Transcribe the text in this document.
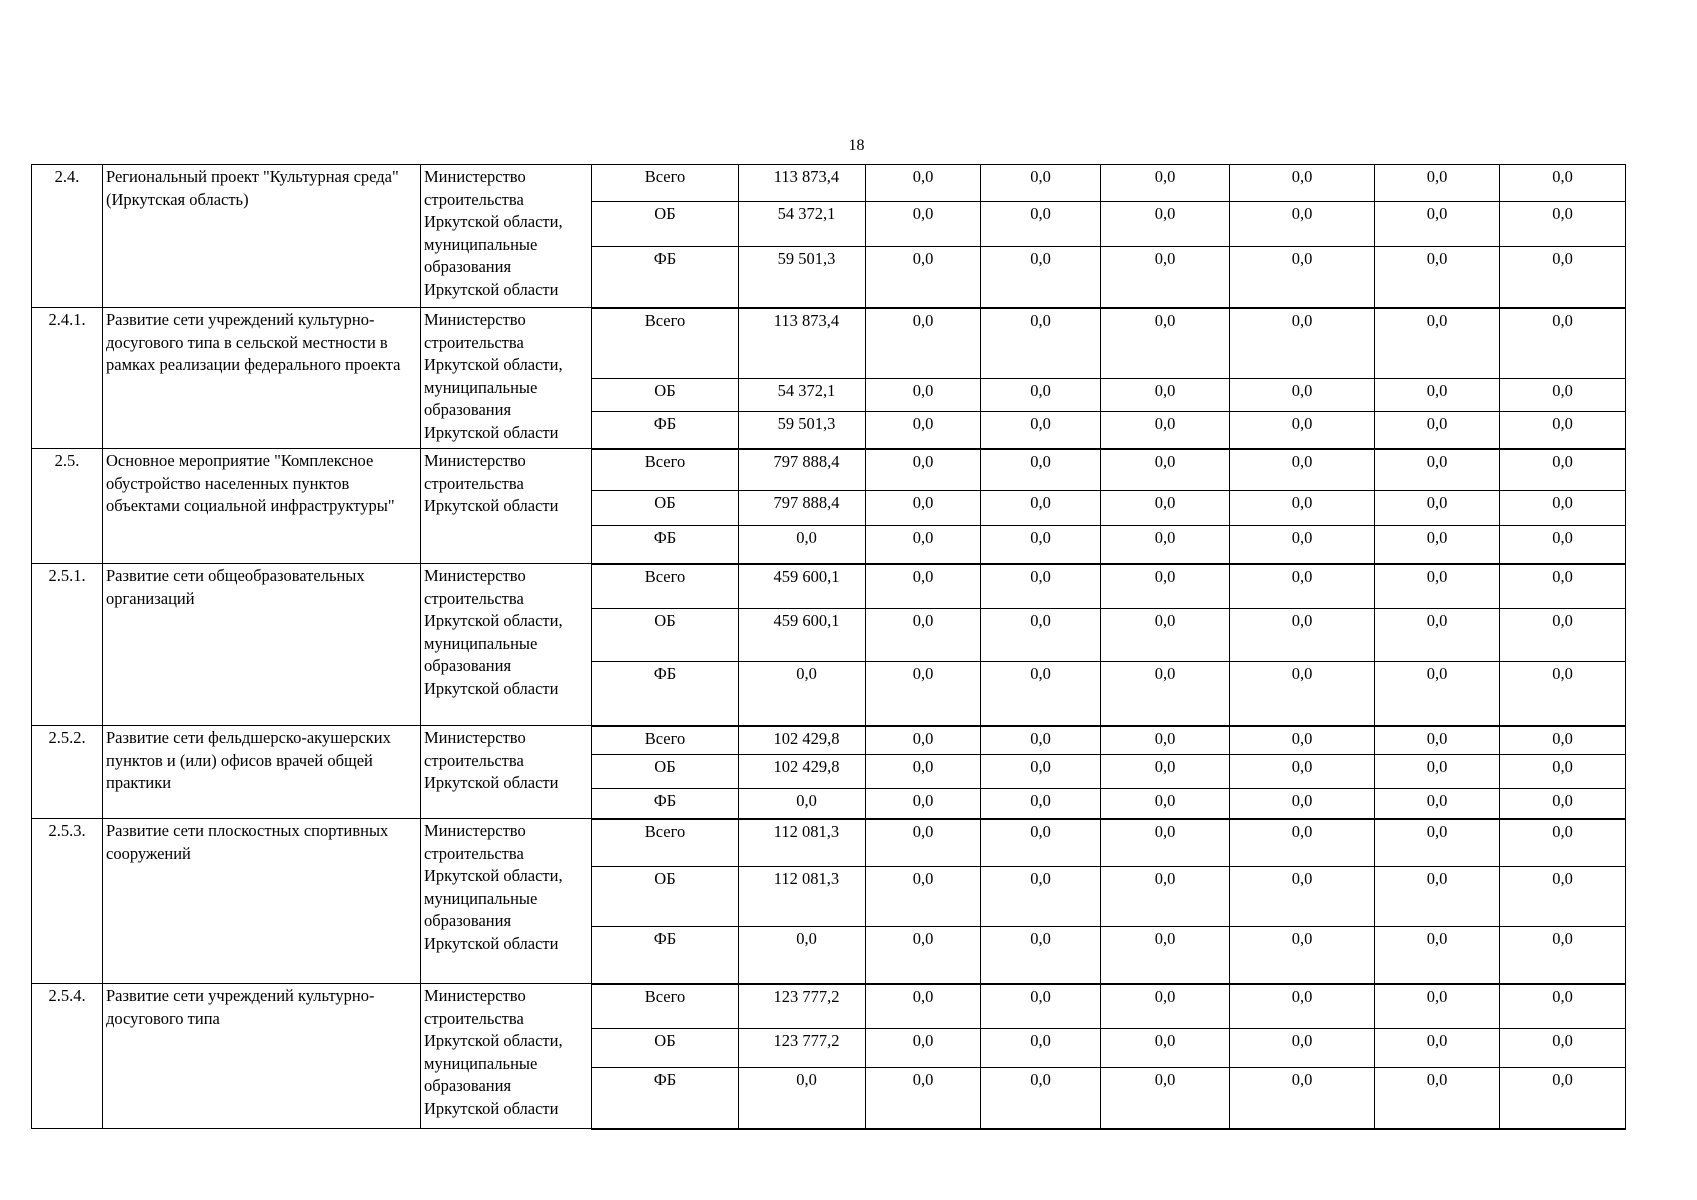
18
2.4.	Региональный проект "Культурная среда" (Иркутская область)	Министерство строительства Иркутской области, муниципальные образования Иркутской области	Всего	113 873,4	0,0	0,0	0,0	0,0	0,0	0,0
			ОБ	54 372,1	0,0	0,0	0,0	0,0	0,0	0,0
			ФБ	59 501,3	0,0	0,0	0,0	0,0	0,0	0,0
2.4.1.	Развитие сети учреждений культурно-досугового типа в сельской местности в рамках реализации федерального проекта	Министерство строительства Иркутской области, муниципальные образования Иркутской области	Всего	113 873,4	0,0	0,0	0,0	0,0	0,0	0,0
			ОБ	54 372,1	0,0	0,0	0,0	0,0	0,0	0,0
			ФБ	59 501,3	0,0	0,0	0,0	0,0	0,0	0,0
2.5.	Основное мероприятие "Комплексное обустройство населенных пунктов объектами социальной инфраструктуры"	Министерство строительства Иркутской области	Всего	797 888,4	0,0	0,0	0,0	0,0	0,0	0,0
			ОБ	797 888,4	0,0	0,0	0,0	0,0	0,0	0,0
			ФБ	0,0	0,0	0,0	0,0	0,0	0,0	0,0
2.5.1.	Развитие сети общеобразовательных организаций	Министерство строительства Иркутской области, муниципальные образования Иркутской области	Всего	459 600,1	0,0	0,0	0,0	0,0	0,0	0,0
			ОБ	459 600,1	0,0	0,0	0,0	0,0	0,0	0,0
			ФБ	0,0	0,0	0,0	0,0	0,0	0,0	0,0
2.5.2.	Развитие сети фельдшерско-акушерских пунктов и (или) офисов врачей общей практики	Министерство строительства Иркутской области	Всего	102 429,8	0,0	0,0	0,0	0,0	0,0	0,0
			ОБ	102 429,8	0,0	0,0	0,0	0,0	0,0	0,0
			ФБ	0,0	0,0	0,0	0,0	0,0	0,0	0,0
2.5.3.	Развитие сети плоскостных спортивных сооружений	Министерство строительства Иркутской области, муниципальные образования Иркутской области	Всего	112 081,3	0,0	0,0	0,0	0,0	0,0	0,0
			ОБ	112 081,3	0,0	0,0	0,0	0,0	0,0	0,0
			ФБ	0,0	0,0	0,0	0,0	0,0	0,0	0,0
2.5.4.	Развитие сети учреждений культурно-досугового типа	Министерство строительства Иркутской области, муниципальные образования Иркутской области	Всего	123 777,2	0,0	0,0	0,0	0,0	0,0	0,0
			ОБ	123 777,2	0,0	0,0	0,0	0,0	0,0	0,0
			ФБ	0,0	0,0	0,0	0,0	0,0	0,0	0,0
